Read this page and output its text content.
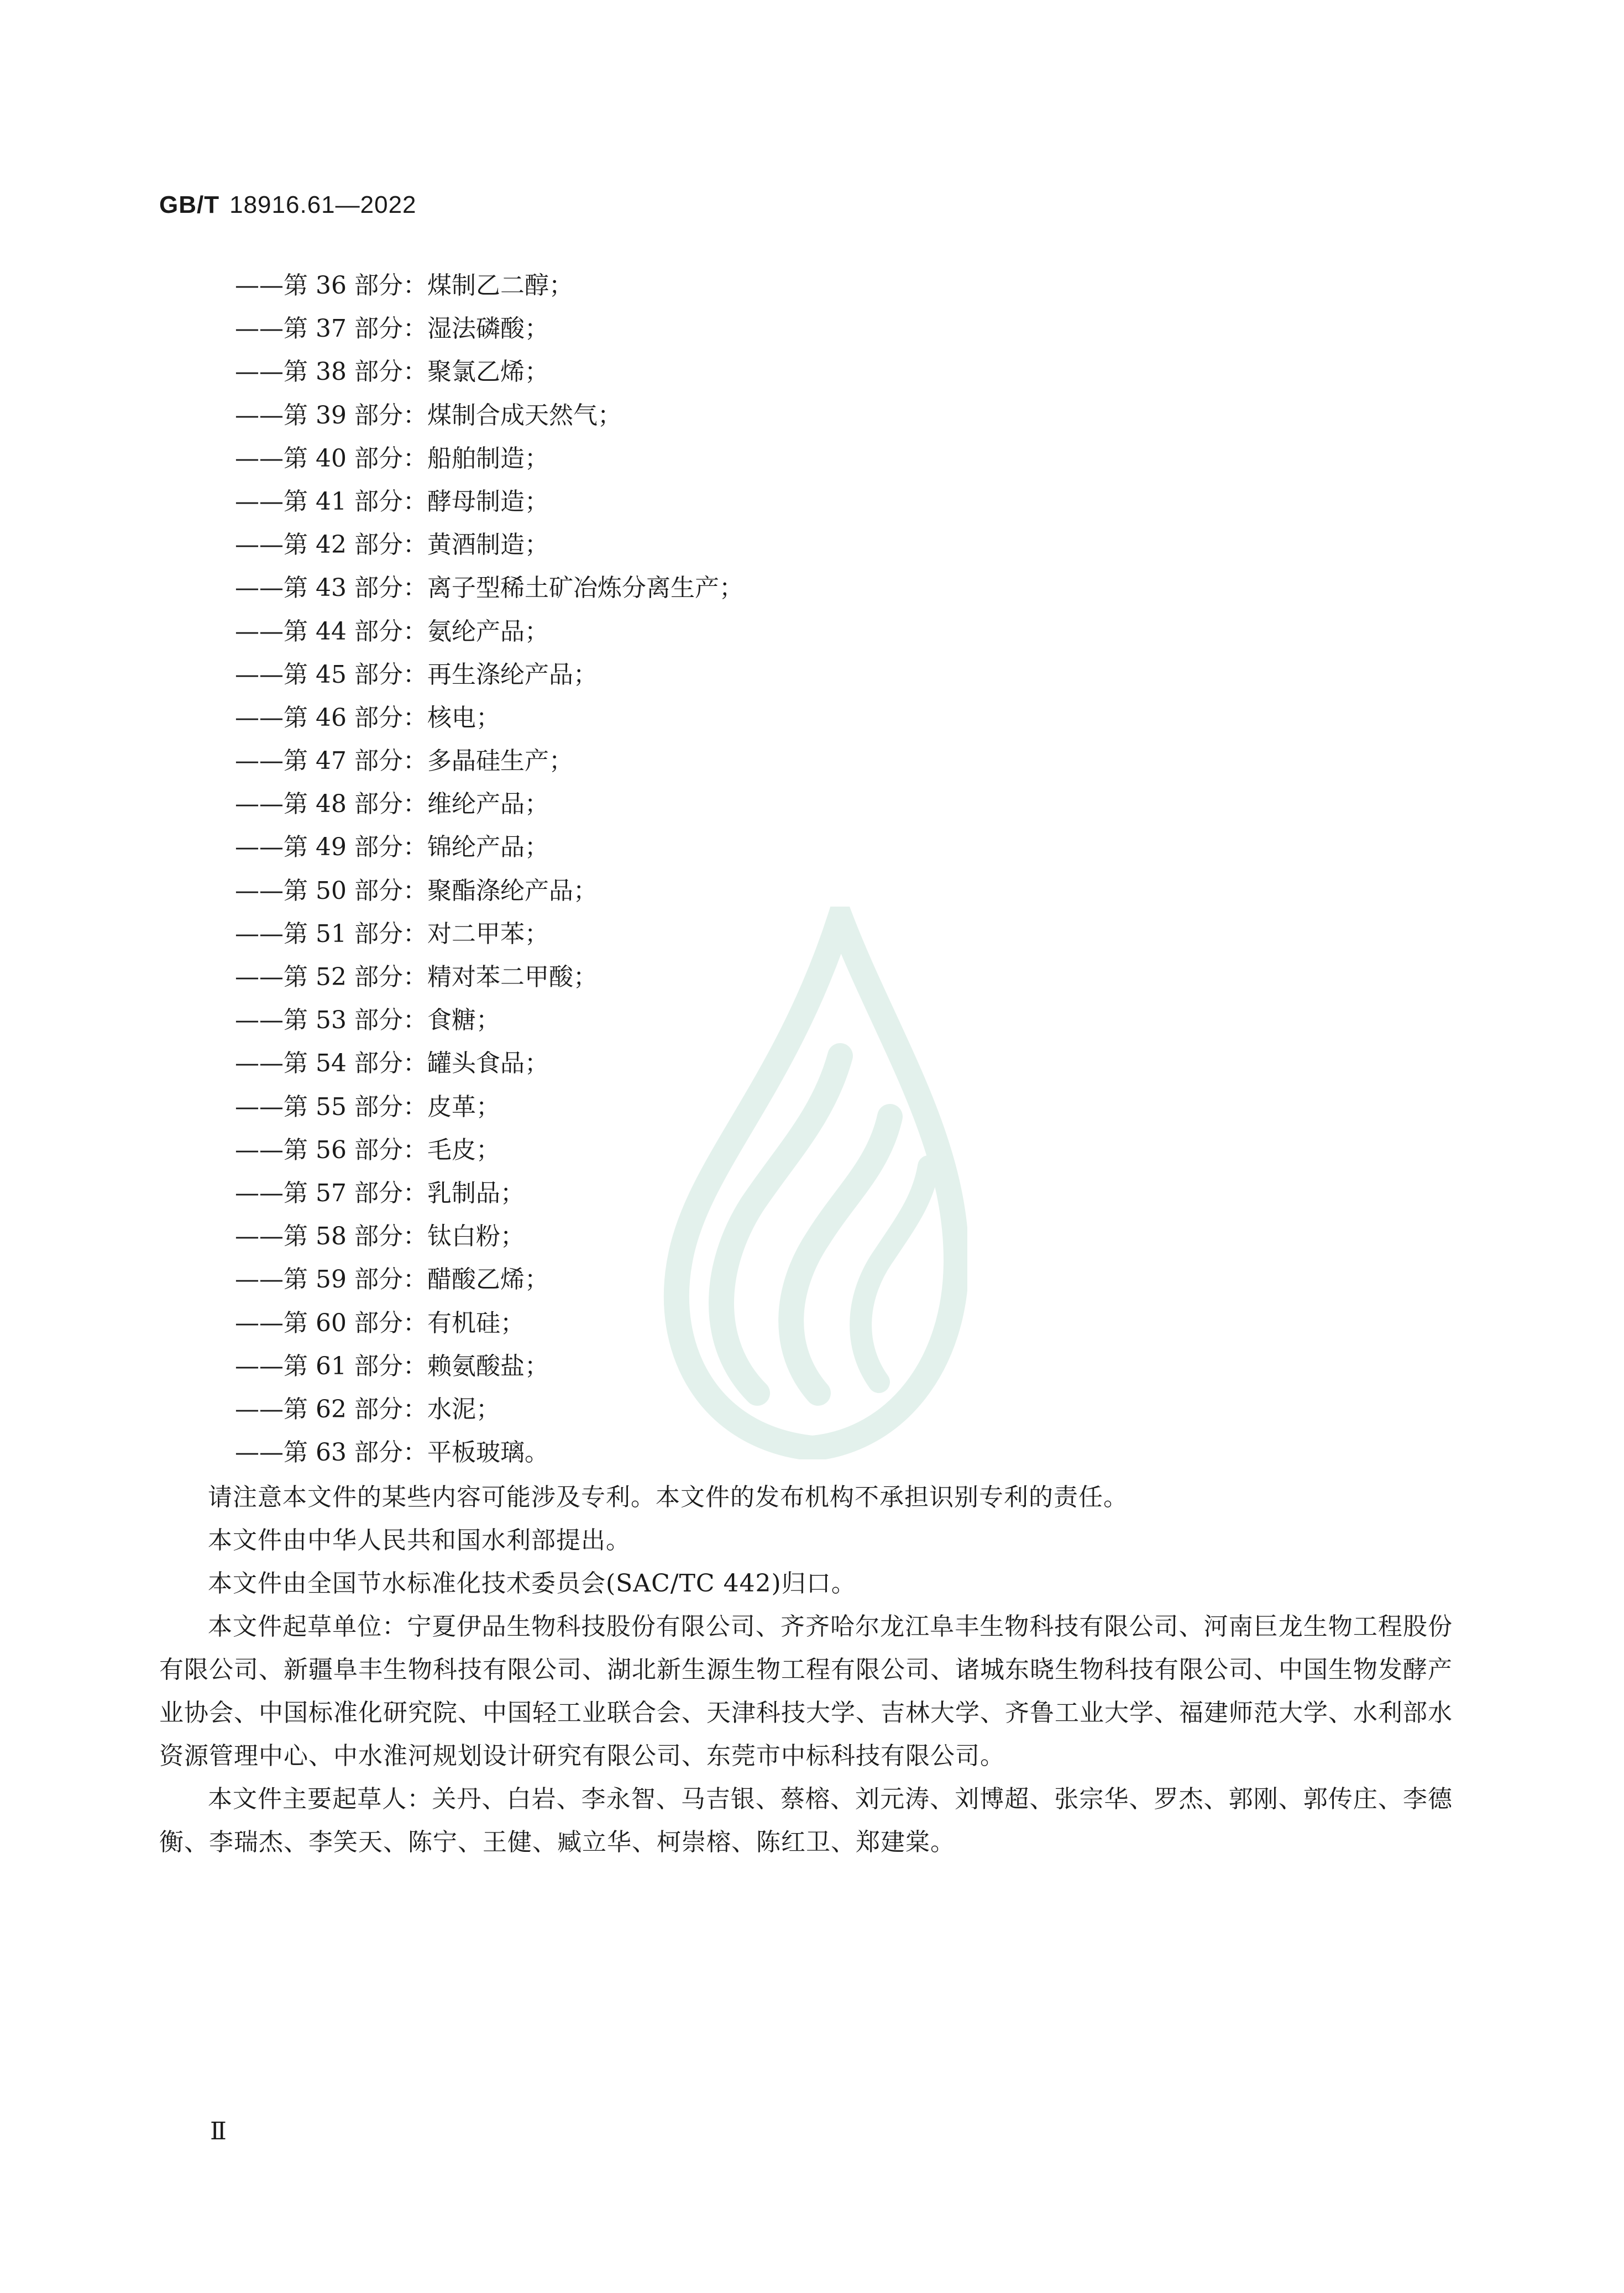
GB/T 18916.61—2022
——第 36 部分：煤制乙二醇；
——第 37 部分：湿法磷酸；
——第 38 部分：聚氯乙烯；
——第 39 部分：煤制合成天然气；
——第 40 部分：船舶制造；
——第 41 部分：酵母制造；
——第 42 部分：黄酒制造；
——第 43 部分：离子型稀土矿冶炼分离生产；
——第 44 部分：氨纶产品；
——第 45 部分：再生涤纶产品；
——第 46 部分：核电；
——第 47 部分：多晶硅生产；
——第 48 部分：维纶产品；
——第 49 部分：锦纶产品；
——第 50 部分：聚酯涤纶产品；
——第 51 部分：对二甲苯；
——第 52 部分：精对苯二甲酸；
——第 53 部分：食糖；
——第 54 部分：罐头食品；
——第 55 部分：皮革；
——第 56 部分：毛皮；
——第 57 部分：乳制品；
——第 58 部分：钛白粉；
——第 59 部分：醋酸乙烯；
——第 60 部分：有机硅；
——第 61 部分：赖氨酸盐；
——第 62 部分：水泥；
——第 63 部分：平板玻璃。

请注意本文件的某些内容可能涉及专利。本文件的发布机构不承担识别专利的责任。

本文件由中华人民共和国水利部提出。

本文件由全国节水标准化技术委员会(SAC/TC 442)归口。

本文件起草单位：宁夏伊品生物科技股份有限公司、齐齐哈尔龙江阜丰生物科技有限公司、河南巨龙生物工程股份有限公司、新疆阜丰生物科技有限公司、湖北新生源生物工程有限公司、诸城东晓生物科技有限公司、中国生物发酵产业协会、中国标准化研究院、中国轻工业联合会、天津科技大学、吉林大学、齐鲁工业大学、福建师范大学、水利部水资源管理中心、中水淮河规划设计研究有限公司、东莞市中标科技有限公司。

本文件主要起草人：关丹、白岩、李永智、马吉银、蔡榕、刘元涛、刘博超、张宗华、罗杰、郭刚、郭传庄、李德衡、李瑞杰、李笑天、陈宁、王健、臧立华、柯崇榕、陈红卫、郑建棠。

Ⅱ
